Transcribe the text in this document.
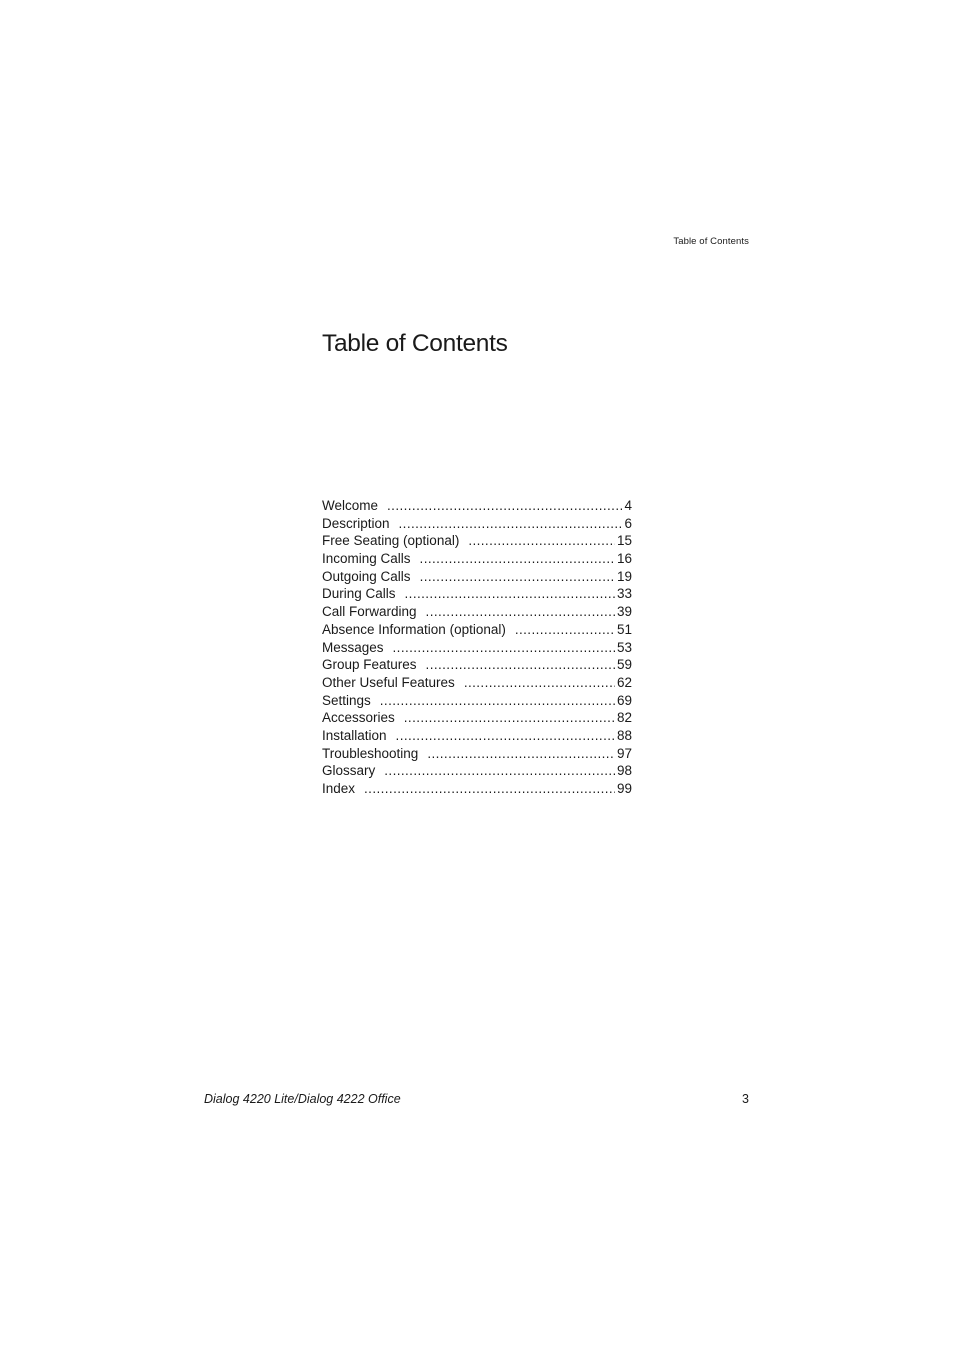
Table of Contents
Table of Contents
Welcome .....	4
Description .....	6
Free Seating (optional) .....	15
Incoming Calls .....	16
Outgoing Calls .....	19
During Calls .....	33
Call Forwarding .....	39
Absence Information (optional) .....	51
Messages .....	53
Group Features .....	59
Other Useful Features .....	62
Settings .....	69
Accessories .....	82
Installation .....	88
Troubleshooting .....	97
Glossary .....	98
Index .....	99
Dialog 4220 Lite/Dialog 4222 Office	3
